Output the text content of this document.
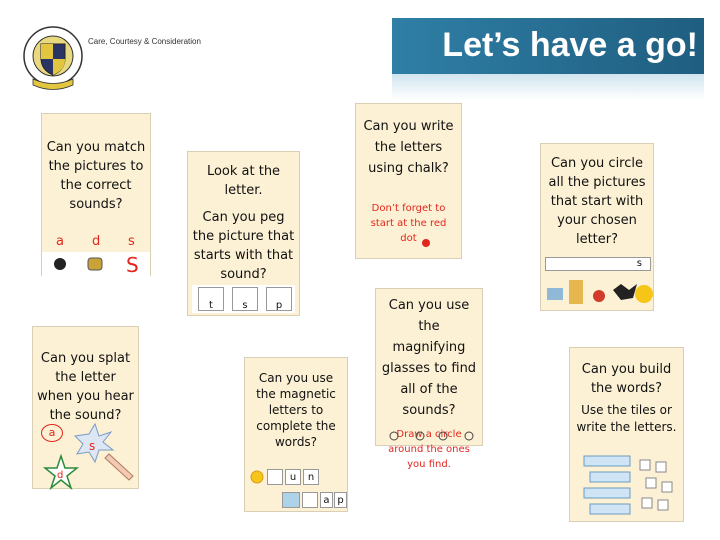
Care, Courtesy & Consideration	Let’s have a go!
Can you match the pictures to the correct sounds?
a d s
S
Look at the letter.
Can you peg the picture that starts with that sound?
t	s	p
Can you write the letters using chalk?
Don’t forget to start at the red dot
Can you circle all the pictures that start with your chosen letter?
s
Can you splat the letter when you hear the sound?
a
s
d
Can you use the magnetic letters to complete the words?
u	n
a p
Can you use the magnifying glasses to find all of the sounds?
Draw a circle around the ones you find.
Can you build the words?
Use the tiles or write the letters.
